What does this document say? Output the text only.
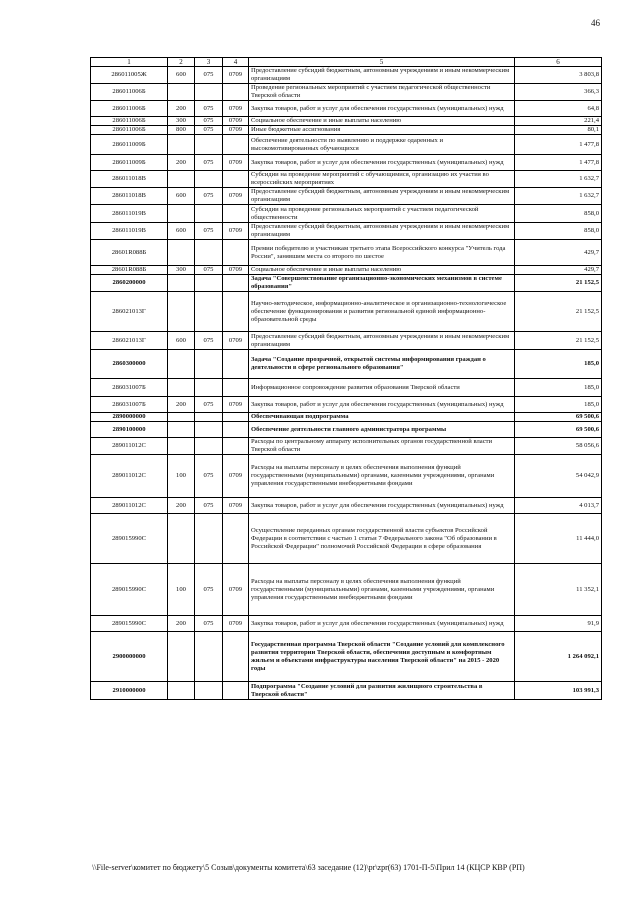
46
1	2	3	4	5	6
286011005Ж	600	075	0709	Предоставление субсидий бюджетным, автономным учреждениям и иным некоммерческим организациям	3 803,8
286011006Б				Проведение региональных мероприятий с участием педагогической общественности Тверской области	366,3
286011006Б	200	075	0709	Закупка товаров, работ и услуг для обеспечения государственных (муниципальных) нужд	64,8
286011006Б	300	075	0709	Социальное обеспечение и иные выплаты населению	221,4
286011006Б	800	075	0709	Иные бюджетные ассигнования	80,1
286011009Б				Обеспечение деятельности по выявлению и поддержке одаренных и высокомотивированных обучающихся	1 477,8
286011009Б	200	075	0709	Закупка товаров, работ и услуг для обеспечения государственных (муниципальных) нужд	1 477,8
286011018В				Субсидии на проведение мероприятий с обучающимися, организацию их участия во всероссийских мероприятиях	1 632,7
286011018В	600	075	0709	Предоставление субсидий бюджетным, автономным учреждениям и иным некоммерческим организациям	1 632,7
286011019В				Субсидии на проведение региональных мероприятий с участием педагогической общественности	858,0
286011019В	600	075	0709	Предоставление субсидий бюджетным, автономным учреждениям и иным некоммерческим организациям	858,0
28601R088Б				Премии победителю и участникам третьего этапа Всероссийского конкурса "Учитель года России", занявшим места со второго по шестое	429,7
28601R088Б	300	075	0709	Социальное обеспечение и иные выплаты населению	429,7
2860200000				Задача "Совершенствование организационно-экономических механизмов в системе образования"	21 152,5
286021013Г				Научно-методическое, информационно-аналитическое и организационно-технологическое обеспечение функционирования и развития региональной единой информационно-образовательной среды	21 152,5
286021013Г	600	075	0709	Предоставление субсидий бюджетным, автономным учреждениям и иным некоммерческим организациям	21 152,5
2860300000				Задача "Создание прозрачной, открытой системы информирования граждан о деятельности в сфере регионального образования"	185,0
286031007Б				Информационное сопровождение развития образования Тверской области	185,0
286031007Б	200	075	0709	Закупка товаров, работ и услуг для обеспечения государственных (муниципальных) нужд	185,0
2890000000				Обеспечивающая подпрограмма	69 500,6
2890100000				Обеспечение деятельности главного администратора программы	69 500,6
289011012С				Расходы по центральному аппарату исполнительных органов государственной власти Тверской области	58 056,6
289011012С	100	075	0709	Расходы на выплаты персоналу в целях обеспечения выполнения функций государственными (муниципальными) органами, казенными учреждениями, органами управления государственными внебюджетными фондами	54 042,9
289011012С	200	075	0709	Закупка товаров, работ и услуг для обеспечения государственных (муниципальных) нужд	4 013,7
289015990С				Осуществление переданных органам государственной власти субъектов Российской Федерации в соответствии с частью 1 статьи 7 Федерального закона "Об образовании в Российской Федерации" полномочий Российской Федерации в сфере образования	11 444,0
289015990С	100	075	0709	Расходы на выплаты персоналу в целях обеспечения выполнения функций государственными (муниципальными) органами, казенными учреждениями, органами управления государственными внебюджетными фондами	11 352,1
289015990С	200	075	0709	Закупка товаров, работ и услуг для обеспечения государственных (муниципальных) нужд	91,9
2900000000				Государственная программа Тверской области "Создание условий для комплексного развития территории Тверской области, обеспечения доступным и комфортным жильем и объектами инфраструктуры населения Тверской области" на 2015 - 2020 годы	1 264 092,1
2910000000				Подпрограмма "Создание условий для развития жилищного строительства в Тверской области"	103 991,3
\\File-server\комитет по бюджету\5 Созыв\документы комитета\63 заседание (12)\pr\zpr(63) 1701-П-5\Прил 14 (КЦСР КВР (РП)
